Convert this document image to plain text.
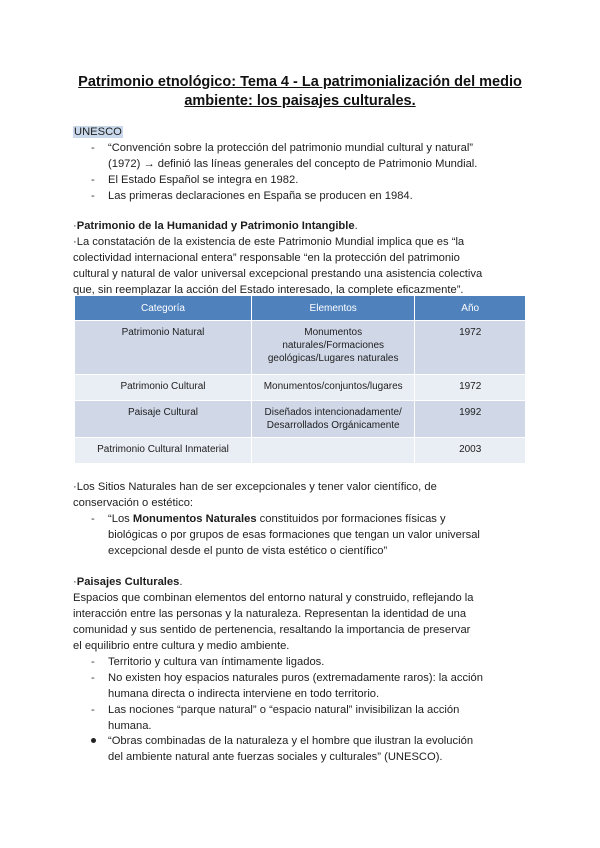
Patrimonio etnológico: Tema 4 - La patrimonialización del medio
ambiente: los paisajes culturales.
UNESCO
- “Convención sobre la protección del patrimonio mundial cultural y natural”
(1972) → definió las líneas generales del concepto de Patrimonio Mundial.
- El Estado Español se integra en 1982.
- Las primeras declaraciones en España se producen en 1984.
·Patrimonio de la Humanidad y Patrimonio Intangible.
·La constatación de la existencia de este Patrimonio Mundial implica que es “la
colectividad internacional entera” responsable “en la protección del patrimonio
cultural y natural de valor universal excepcional prestando una asistencia colectiva
que, sin reemplazar la acción del Estado interesado, la complete eficazmente”.
Categoría	Elementos	Año
Patrimonio Natural	Monumentos
naturales/Formaciones
geológicas/Lugares naturales	1972
Patrimonio Cultural	Monumentos/conjuntos/lugares	1972
Paisaje Cultural	Diseñados intencionadamente/
Desarrollados Orgánicamente	1992
Patrimonio Cultural Inmaterial		2003
·Los Sitios Naturales han de ser excepcionales y tener valor científico, de
conservación o estético:
- “Los Monumentos Naturales constituidos por formaciones físicas y
biológicas o por grupos de esas formaciones que tengan un valor universal
excepcional desde el punto de vista estético o científico”
·Paisajes Culturales.
Espacios que combinan elementos del entorno natural y construido, reflejando la
interacción entre las personas y la naturaleza. Representan la identidad de una
comunidad y sus sentido de pertenencia, resaltando la importancia de preservar
el equilibrio entre cultura y medio ambiente.
- Territorio y cultura van íntimamente ligados.
- No existen hoy espacios naturales puros (extremadamente raros): la acción
humana directa o indirecta interviene en todo territorio.
- Las nociones “parque natural” o “espacio natural” invisibilizan la acción
humana.
“Obras combinadas de la naturaleza y el hombre que ilustran la evolución
del ambiente natural ante fuerzas sociales y culturales” (UNESCO).
